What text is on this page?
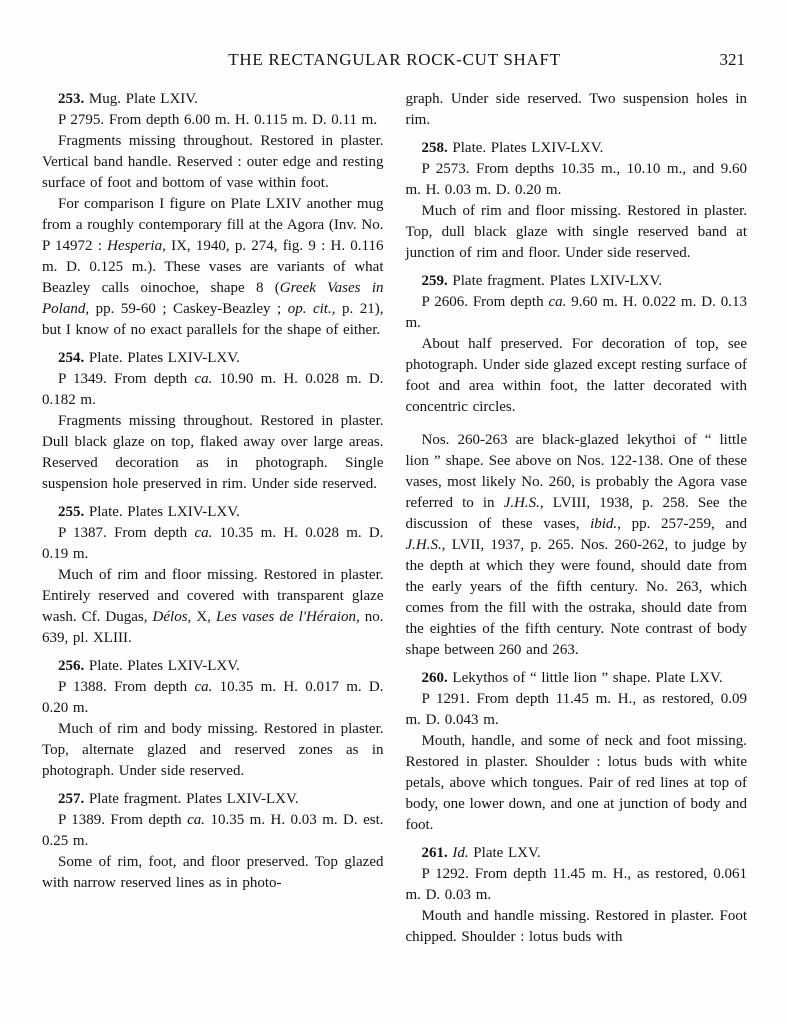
THE RECTANGULAR ROCK-CUT SHAFT	321

253. Mug. Plate LXIV.

P 2795. From depth 6.00 m. H. 0.115 m. D. 0.11 m.

Fragments missing throughout. Restored in plaster. Vertical band handle. Reserved : outer edge and resting surface of foot and bottom of vase within foot.

For comparison I figure on Plate LXIV another mug from a roughly contemporary fill at the Agora (Inv. No. P 14972 : Hesperia, IX, 1940, p. 274, fig. 9 : H. 0.116 m. D. 0.125 m.). These vases are variants of what Beazley calls oinochoe, shape 8 (Greek Vases in Poland, pp. 59-60 ; Caskey-Beazley ; op. cit., p. 21), but I know of no exact parallels for the shape of either.

254. Plate. Plates LXIV-LXV.

P 1349. From depth ca. 10.90 m. H. 0.028 m. D. 0.182 m.

Fragments missing throughout. Restored in plaster. Dull black glaze on top, flaked away over large areas. Reserved decoration as in photograph. Single suspension hole preserved in rim. Under side reserved.

255. Plate. Plates LXIV-LXV.

P 1387. From depth ca. 10.35 m. H. 0.028 m. D. 0.19 m.

Much of rim and floor missing. Restored in plaster. Entirely reserved and covered with transparent glaze wash. Cf. Dugas, Délos, X, Les vases de l'Héraion, no. 639, pl. XLIII.

256. Plate. Plates LXIV-LXV.

P 1388. From depth ca. 10.35 m. H. 0.017 m. D. 0.20 m.

Much of rim and body missing. Restored in plaster. Top, alternate glazed and reserved zones as in photograph. Under side reserved.

257. Plate fragment. Plates LXIV-LXV.

P 1389. From depth ca. 10.35 m. H. 0.03 m. D. est. 0.25 m.

Some of rim, foot, and floor preserved. Top glazed with narrow reserved lines as in photo-

graph. Under side reserved. Two suspension holes in rim.

258. Plate. Plates LXIV-LXV.

P 2573. From depths 10.35 m., 10.10 m., and 9.60 m. H. 0.03 m. D. 0.20 m.

Much of rim and floor missing. Restored in plaster. Top, dull black glaze with single reserved band at junction of rim and floor. Under side reserved.

259. Plate fragment. Plates LXIV-LXV.

P 2606. From depth ca. 9.60 m. H. 0.022 m. D. 0.13 m.

About half preserved. For decoration of top, see photograph. Under side glazed except resting surface of foot and area within foot, the latter decorated with concentric circles.

Nos. 260-263 are black-glazed lekythoi of “ little lion ” shape. See above on Nos. 122-138. One of these vases, most likely No. 260, is probably the Agora vase referred to in J.H.S., LVIII, 1938, p. 258. See the discussion of these vases, ibid., pp. 257-259, and J.H.S., LVII, 1937, p. 265. Nos. 260-262, to judge by the depth at which they were found, should date from the early years of the fifth century. No. 263, which comes from the fill with the ostraka, should date from the eighties of the fifth century. Note contrast of body shape between 260 and 263.

260. Lekythos of “ little lion ” shape. Plate LXV.

P 1291. From depth 11.45 m. H., as restored, 0.09 m. D. 0.043 m.

Mouth, handle, and some of neck and foot missing. Restored in plaster. Shoulder : lotus buds with white petals, above which tongues. Pair of red lines at top of body, one lower down, and one at junction of body and foot.

261. Id. Plate LXV.

P 1292. From depth 11.45 m. H., as restored, 0.061 m. D. 0.03 m.

Mouth and handle missing. Restored in plaster. Foot chipped. Shoulder : lotus buds with
